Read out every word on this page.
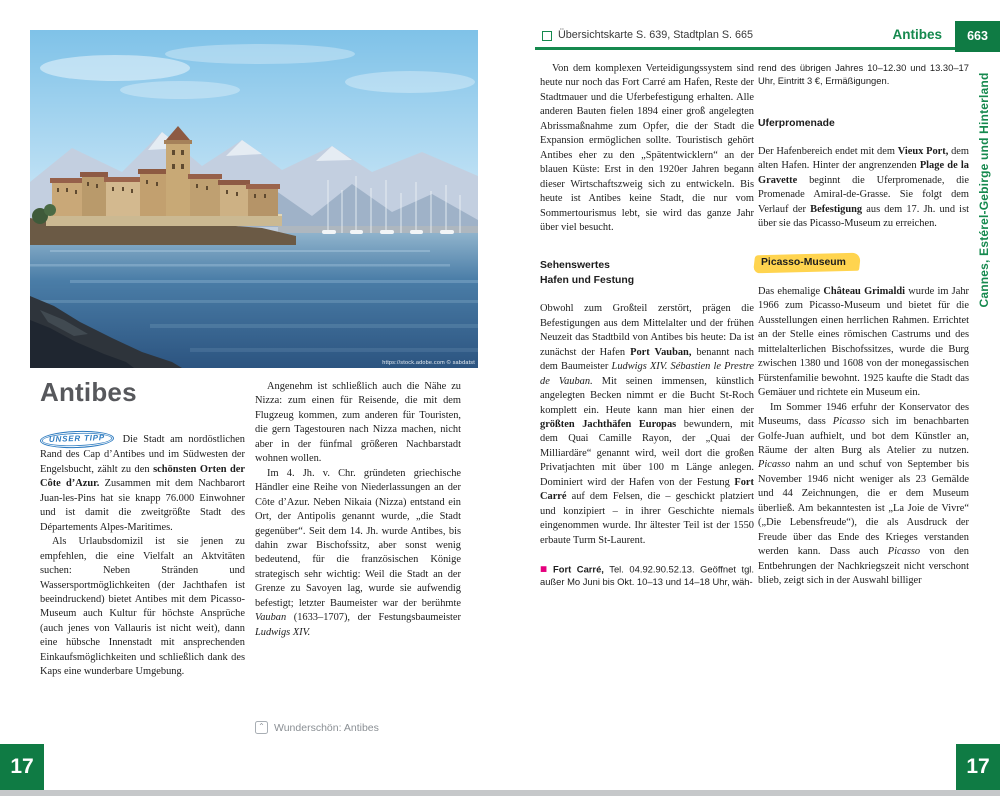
https://stock.adobe.com © sabdatst
Antibes

UNSER TIPP Die Stadt am nordöstlichen Rand des Cap d’Antibes und im Südwesten der Engelsbucht, zählt zu den schönsten Orten der Côte d’Azur. Zusammen mit dem Nachbarort Juan-les-Pins hat sie knapp 76.000 Einwohner und ist damit die zweitgrößte Stadt des Départements Alpes-Maritimes.

Als Urlaubsdomizil ist sie jenen zu empfehlen, die eine Vielfalt an Aktvitäten suchen: Neben Stränden und Wassersportmöglichkeiten (der Jachthafen ist beeindruckend) bietet Antibes mit dem Picasso-Museum auch Kultur für höchste Ansprüche (auch jenes von Vallauris ist nicht weit), dann eine hübsche Innenstadt mit ansprechenden Einkaufsmöglichkeiten und schließlich dank des Kaps eine wunderbare Umgebung.

Angenehm ist schließlich auch die Nähe zu Nizza: zum einen für Reisende, die mit dem Flugzeug kommen, zum anderen für Touristen, die gern Tagestouren nach Nizza machen, nicht aber in der fünfmal größeren Nachbarstadt wohnen wollen.

Im 4. Jh. v. Chr. gründeten griechische Händler eine Reihe von Niederlassungen an der Côte d’Azur. Neben Nikaia (Nizza) entstand ein Ort, der Antipolis genannt wurde, „die Stadt gegenüber“. Seit dem 14. Jh. wurde Antibes, bis dahin zwar Bischofssitz, aber sonst wenig bedeutend, für die französischen Könige strategisch sehr wichtig: Weil die Stadt an der Grenze zu Savoyen lag, wurde sie aufwendig befestigt; letzter Baumeister war der berühmte Vauban (1633–1707), der Festungsbaumeister Ludwigs XIV.

⌃ Wunderschön: Antibes
17
Übersichtskarte S. 639, Stadtplan S. 665	Antibes	663
Cannes, Estérel-Gebirge und Hinterland

Von dem komplexen Verteidigungssystem sind heute nur noch das Fort Carré am Hafen, Reste der Stadtmauer und die Uferbefestigung erhalten. Alle anderen Bauten fielen 1894 einer groß angelegten Abrissmaßnahme zum Opfer, die der Stadt die Expansion ermöglichen sollte. Touristisch gehört Antibes eher zu den „Spätentwicklern“ an der blauen Küste: Erst in den 1920er Jahren begann dieser Wirtschaftszweig sich zu entwickeln. Bis heute ist Antibes keine Stadt, die nur vom Sommertourismus lebt, sie wird das ganze Jahr über viel besucht.

Sehenswertes

Hafen und Festung

Obwohl zum Großteil zerstört, prägen die Befestigungen aus dem Mittelalter und der frühen Neuzeit das Stadtbild von Antibes bis heute: Da ist zunächst der Hafen Port Vauban, benannt nach dem Baumeister Ludwigs XIV. Sébastien le Prestre de Vauban. Mit seinen immensen, künstlich angelegten Becken nimmt er die Bucht St-Roch komplett ein. Heute kann man hier einen der größten Jachthäfen Europas bewundern, mit dem Quai Camille Rayon, der „Quai der Milliardäre“ genannt wird, weil dort die großen Privatjachten mit über 100 m Länge anlegen. Dominiert wird der Hafen von der Festung Fort Carré auf dem Felsen, die – geschickt platziert und konzipiert – in ihrer Geschichte niemals eingenommen wurde. Ihr ältester Teil ist der 1550 erbaute Turm St-Laurent.

■ Fort Carré, Tel. 04.92.90.52.13. Geöffnet tgl. außer Mo Juni bis Okt. 10–13 und 14–18 Uhr, wäh-

rend des übrigen Jahres 10–12.30 und 13.30–17 Uhr, Eintritt 3 €, Ermäßigungen.

Uferpromenade

Der Hafenbereich endet mit dem Vieux Port, dem alten Hafen. Hinter der angrenzenden Plage de la Gravette beginnt die Uferpromenade, die Promenade Amiral-de-Grasse. Sie folgt dem Verlauf der Befestigung aus dem 17. Jh. und ist über sie das Picasso-Museum zu erreichen.

Picasso-Museum

Das ehemalige Château Grimaldi wurde im Jahr 1966 zum Picasso-Museum und bietet für die Ausstellungen einen herrlichen Rahmen. Errichtet an der Stelle eines römischen Castrums und des mittelalterlichen Bischofssitzes, wurde die Burg zwischen 1380 und 1608 von der monegassischen Fürstenfamilie bewohnt. 1925 kaufte die Stadt das Gemäuer und richtete ein Museum ein.

Im Sommer 1946 erfuhr der Konservator des Museums, dass Picasso sich im benachbarten Golfe-Juan aufhielt, und bot dem Künstler an, Räume der alten Burg als Atelier zu nutzen. Picasso nahm an und schuf von September bis November 1946 nicht weniger als 23 Gemälde und 44 Zeichnungen, die er dem Museum überließ. Am bekanntesten ist „La Joie de Vivre“ („Die Lebensfreude“), die als Ausdruck der Freude über das Ende des Krieges verstanden werden kann. Dass auch Picasso von den Entbehrungen der Nachkriegszeit nicht verschont blieb, zeigt sich in der Auswahl billiger

17
